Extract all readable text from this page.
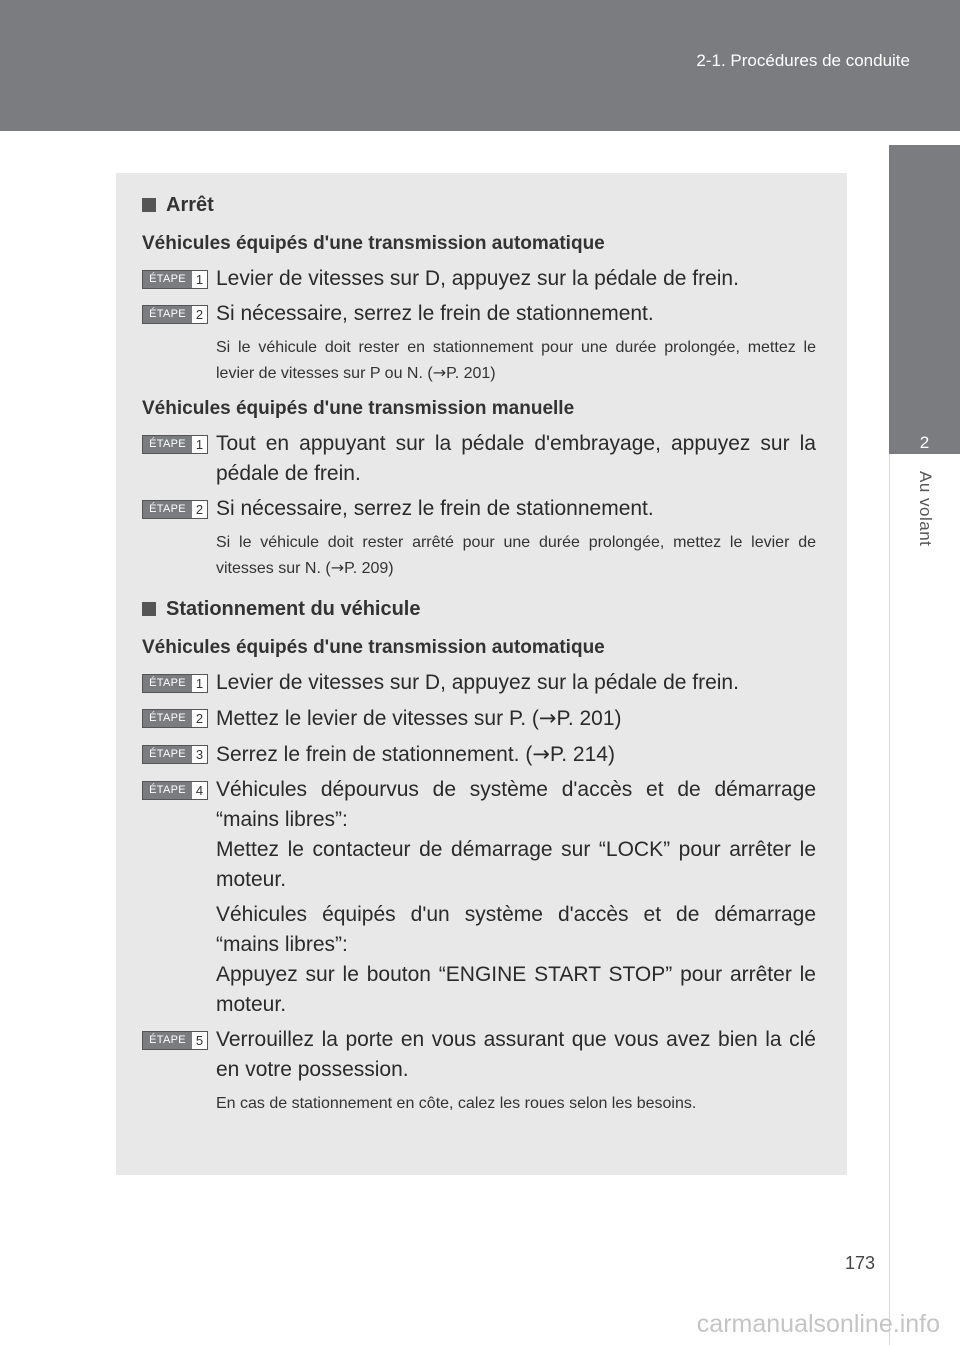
2-1. Procédures de conduite
2
Au volant
Arrêt
Véhicules équipés d'une transmission automatique
ÉTAPE 1 Levier de vitesses sur D, appuyez sur la pédale de frein.
ÉTAPE 2 Si nécessaire, serrez le frein de stationnement.
Si le véhicule doit rester en stationnement pour une durée prolongée, mettez le levier de vitesses sur P ou N. (→P. 201)
Véhicules équipés d'une transmission manuelle
ÉTAPE 1 Tout en appuyant sur la pédale d'embrayage, appuyez sur la pédale de frein.
ÉTAPE 2 Si nécessaire, serrez le frein de stationnement.
Si le véhicule doit rester arrêté pour une durée prolongée, mettez le levier de vitesses sur N. (→P. 209)
Stationnement du véhicule
Véhicules équipés d'une transmission automatique
ÉTAPE 1 Levier de vitesses sur D, appuyez sur la pédale de frein.
ÉTAPE 2 Mettez le levier de vitesses sur P. (→P. 201)
ÉTAPE 3 Serrez le frein de stationnement. (→P. 214)
ÉTAPE 4 Véhicules dépourvus de système d'accès et de démarrage “mains libres”:
Mettez le contacteur de démarrage sur “LOCK” pour arrêter le moteur.
Véhicules équipés d'un système d'accès et de démarrage “mains libres”:
Appuyez sur le bouton “ENGINE START STOP” pour arrêter le moteur.
ÉTAPE 5 Verrouillez la porte en vous assurant que vous avez bien la clé en votre possession.
En cas de stationnement en côte, calez les roues selon les besoins.
173
carmanualsonline.info
